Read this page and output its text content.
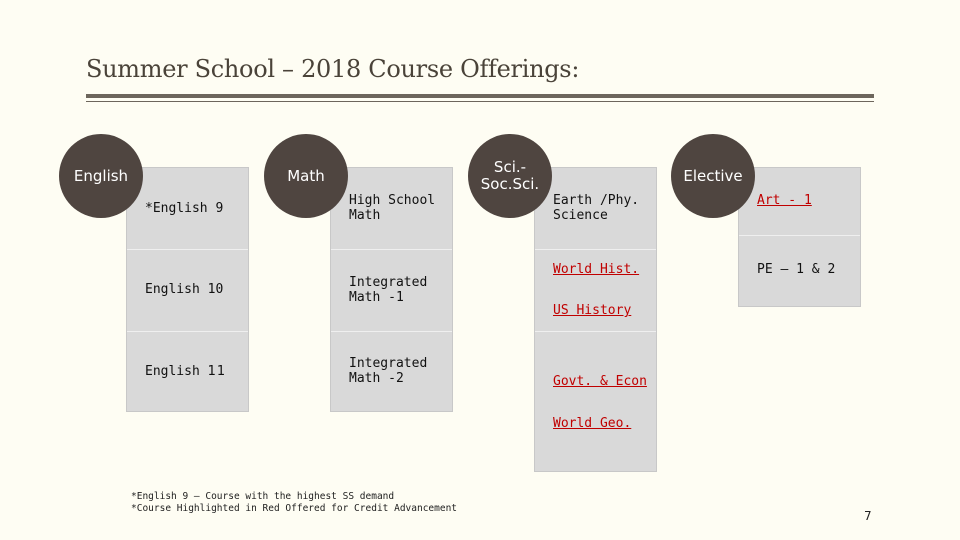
Summer School – 2018 Course Offerings:
English
*English 9
English 10
English 11
Math
High School
Math
Integrated
Math -1
Integrated
Math -2
Sci.-
Soc.Sci.
Earth /Phy.
Science
World Hist.
US History
Govt. & Econ
World Geo.
Elective
Art - 1
PE – 1 & 2
*English 9 – Course with the highest SS demand
*Course Highlighted in Red Offered for Credit Advancement
7
